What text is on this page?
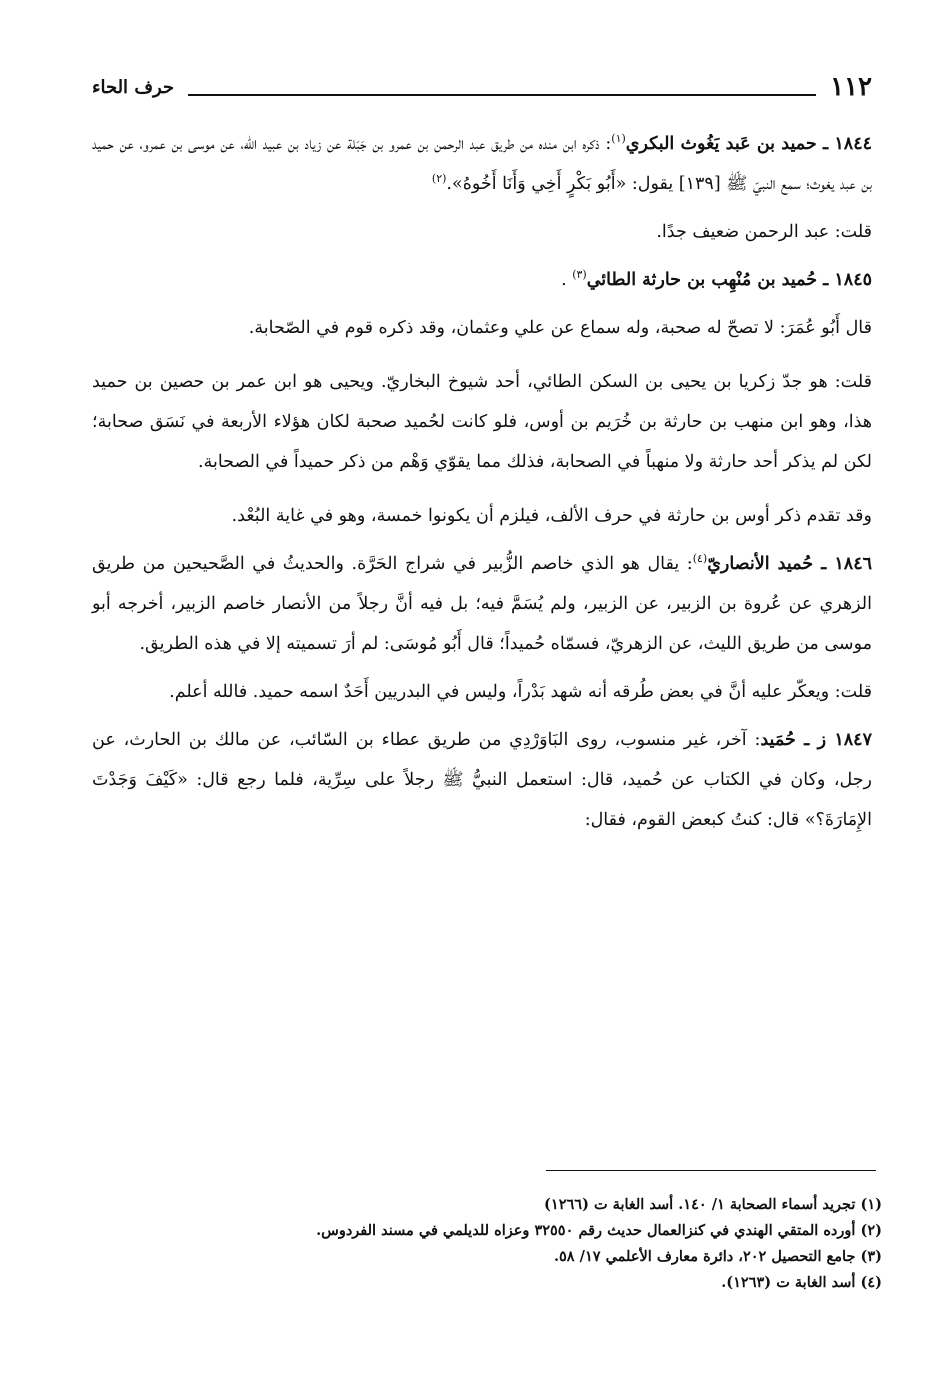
١١٢
حرف الحاء

١٨٤٤ ـ حميد بن عَبد يَغُوث البكري$^{(١)}$: ذكره ابن منده من طريق عبد الرحمن بن عمرو بن جَبَلة عن زياد بن عبيد الله، عن موسى بن عمرو، عن حميد بن عبد يغوث؛ سمع النبيّ ﷺ [١٣٩] يقول: «أَبُو بَكْرٍ أَخِي وَأَنَا أَخُوهُ».$^{(٢)}$

قلت: عبد الرحمن ضعيف جدًا.

١٨٤٥ ـ حُميد بن مُنْهِب بن حارثة الطائي$^{(٣)}$ .

قال أَبُو عُمَرَ: لا تصحّ له صحبة، وله سماع عن علي وعثمان، وقد ذكره قوم في الصّحابة.

قلت: هو جدّ زكريا بن يحيى بن السكن الطائي، أحد شيوخ البخاريّ. ويحيى هو ابن عمر بن حصين بن حميد هذا، وهو ابن منهب بن حارثة بن خُرَيم بن أوس، فلو كانت لحُميد صحبة لكان هؤلاء الأربعة في نَسَق صحابة؛ لكن لم يذكر أحد حارثة ولا منهباً في الصحابة، فذلك مما يقوّي وَهْم من ذكر حميداً في الصحابة.

وقد تقدم ذكر أوس بن حارثة في حرف الألف، فيلزم أن يكونوا خمسة، وهو في غاية البُعْد.

١٨٤٦ ـ حُميد الأنصاريّ$^{(٤)}$: يقال هو الذي خاصم الزُّبير في شراج الحَرَّة. والحديثُ في الصَّحيحين من طريق الزهري عن عُروة بن الزبير، عن الزبير، ولم يُسَمَّ فيه؛ بل فيه أنَّ رجلاً من الأنصار خاصم الزبير، أخرجه أبو موسى من طريق الليث، عن الزهريّ، فسمّاه حُميداً؛ قال أَبُو مُوسَى: لم أرَ تسميته إلا في هذه الطريق.

قلت: ويعكّر عليه أنَّ في بعض طُرقه أنه شهد بَدْراً، وليس في البدريين أَحَدٌ اسمه حميد. فالله أعلم.

١٨٤٧ ز ـ حُمَيد: آخر، غير منسوب، روى البَاوَرْدِي من طريق عطاء بن السّائب، عن مالك بن الحارث، عن رجل، وكان في الكتاب عن حُميد، قال: استعمل النبيُّ ﷺ رجلاً على سِرِّية، فلما رجع قال: «كَيْفَ وَجَدْتَ الإِمَارَةَ؟» قال: كنتُ كبعض القوم، فقال:

(١) تجريد أسماء الصحابة ١/ ١٤٠. أسد الغابة ت (١٢٦٦)
(٢) أورده المتقي الهندي في كنزالعمال حديث رقم ٣٢٥٥٠ وعزاه للديلمي في مسند الفردوس.
(٣) جامع التحصيل ٢٠٢، دائرة معارف الأعلمي ١٧/ ٥٨.
(٤) أسد الغابة ت (١٢٦٣).
